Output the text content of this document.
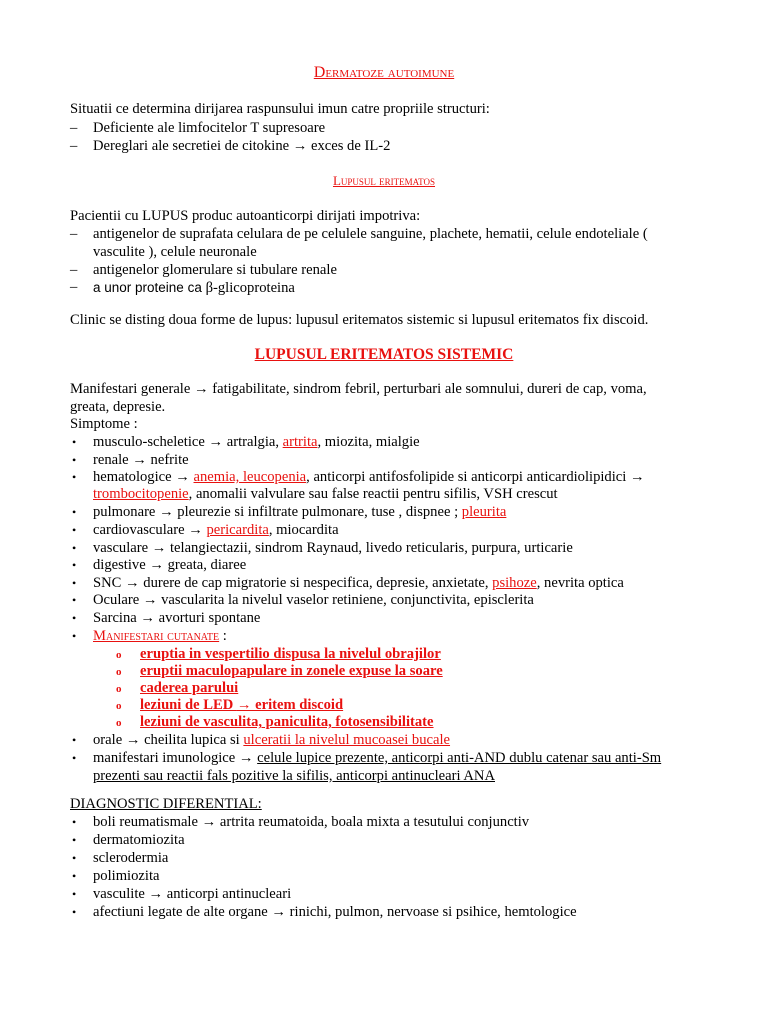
Dermatoze autoimune
Situatii ce determina dirijarea raspunsului imun catre propriile structuri:
– Deficiente ale limfocitelor T supresoare
– Dereglari ale secretiei de citokine → exces de IL-2
Lupusul eritematos
Pacientii cu LUPUS produc autoanticorpi dirijati impotriva:
– antigenelor de suprafata celulara de pe celulele sanguine, plachete, hematii, celule endoteliale (
vasculite ), celule neuronale
– antigenelor glomerulare si tubulare renale
– a unor proteine ca β-glicoproteina
Clinic se disting doua forme de lupus: lupusul eritematos sistemic si lupusul eritematos fix discoid.
LUPUSUL ERITEMATOS SISTEMIC
Manifestari generale → fatigabilitate, sindrom febril, perturbari ale somnului, dureri de cap, voma,
greata, depresie.
Simptome :
• musculo-scheletice → artralgia, artrita, miozita, mialgie
• renale → nefrite
• hematologice → anemia, leucopenia, anticorpi antifosfolipide si anticorpi anticardiolipidici →
trombocitopenie, anomalii valvulare sau false reactii pentru sifilis, VSH crescut
• pulmonare → pleurezie si infiltrate pulmonare, tuse , dispnee ; pleurita
• cardiovasculare → pericardita, miocardita
• vasculare → telangiectazii, sindrom Raynaud, livedo reticularis, purpura, urticarie
• digestive → greata, diaree
• SNC → durere de cap migratorie si nespecifica, depresie, anxietate, psihoze, nevrita optica
• Oculare → vascularita la nivelul vaselor retiniene, conjunctivita, episclerita
• Sarcina → avorturi spontane
• Manifestari cutanate :
o eruptia in vespertilio dispusa la nivelul obrajilor
o eruptii maculopapulare in zonele expuse la soare
o caderea parului
o leziuni de LED → eritem discoid
o leziuni de vasculita, paniculita, fotosensibilitate
• orale → cheilita lupica si ulceratii la nivelul mucoasei bucale
• manifestari imunologice → celule lupice prezente, anticorpi anti-AND dublu catenar sau anti-Sm
prezenti sau reactii fals pozitive la sifilis, anticorpi antinucleari ANA
DIAGNOSTIC DIFERENTIAL:
• boli reumatismale → artrita reumatoida, boala mixta a tesutului conjunctiv
• dermatomiozita
• sclerodermia
• polimiozita
• vasculite → anticorpi antinucleari
• afectiuni legate de alte organe → rinichi, pulmon, nervoase si psihice, hemtologice
